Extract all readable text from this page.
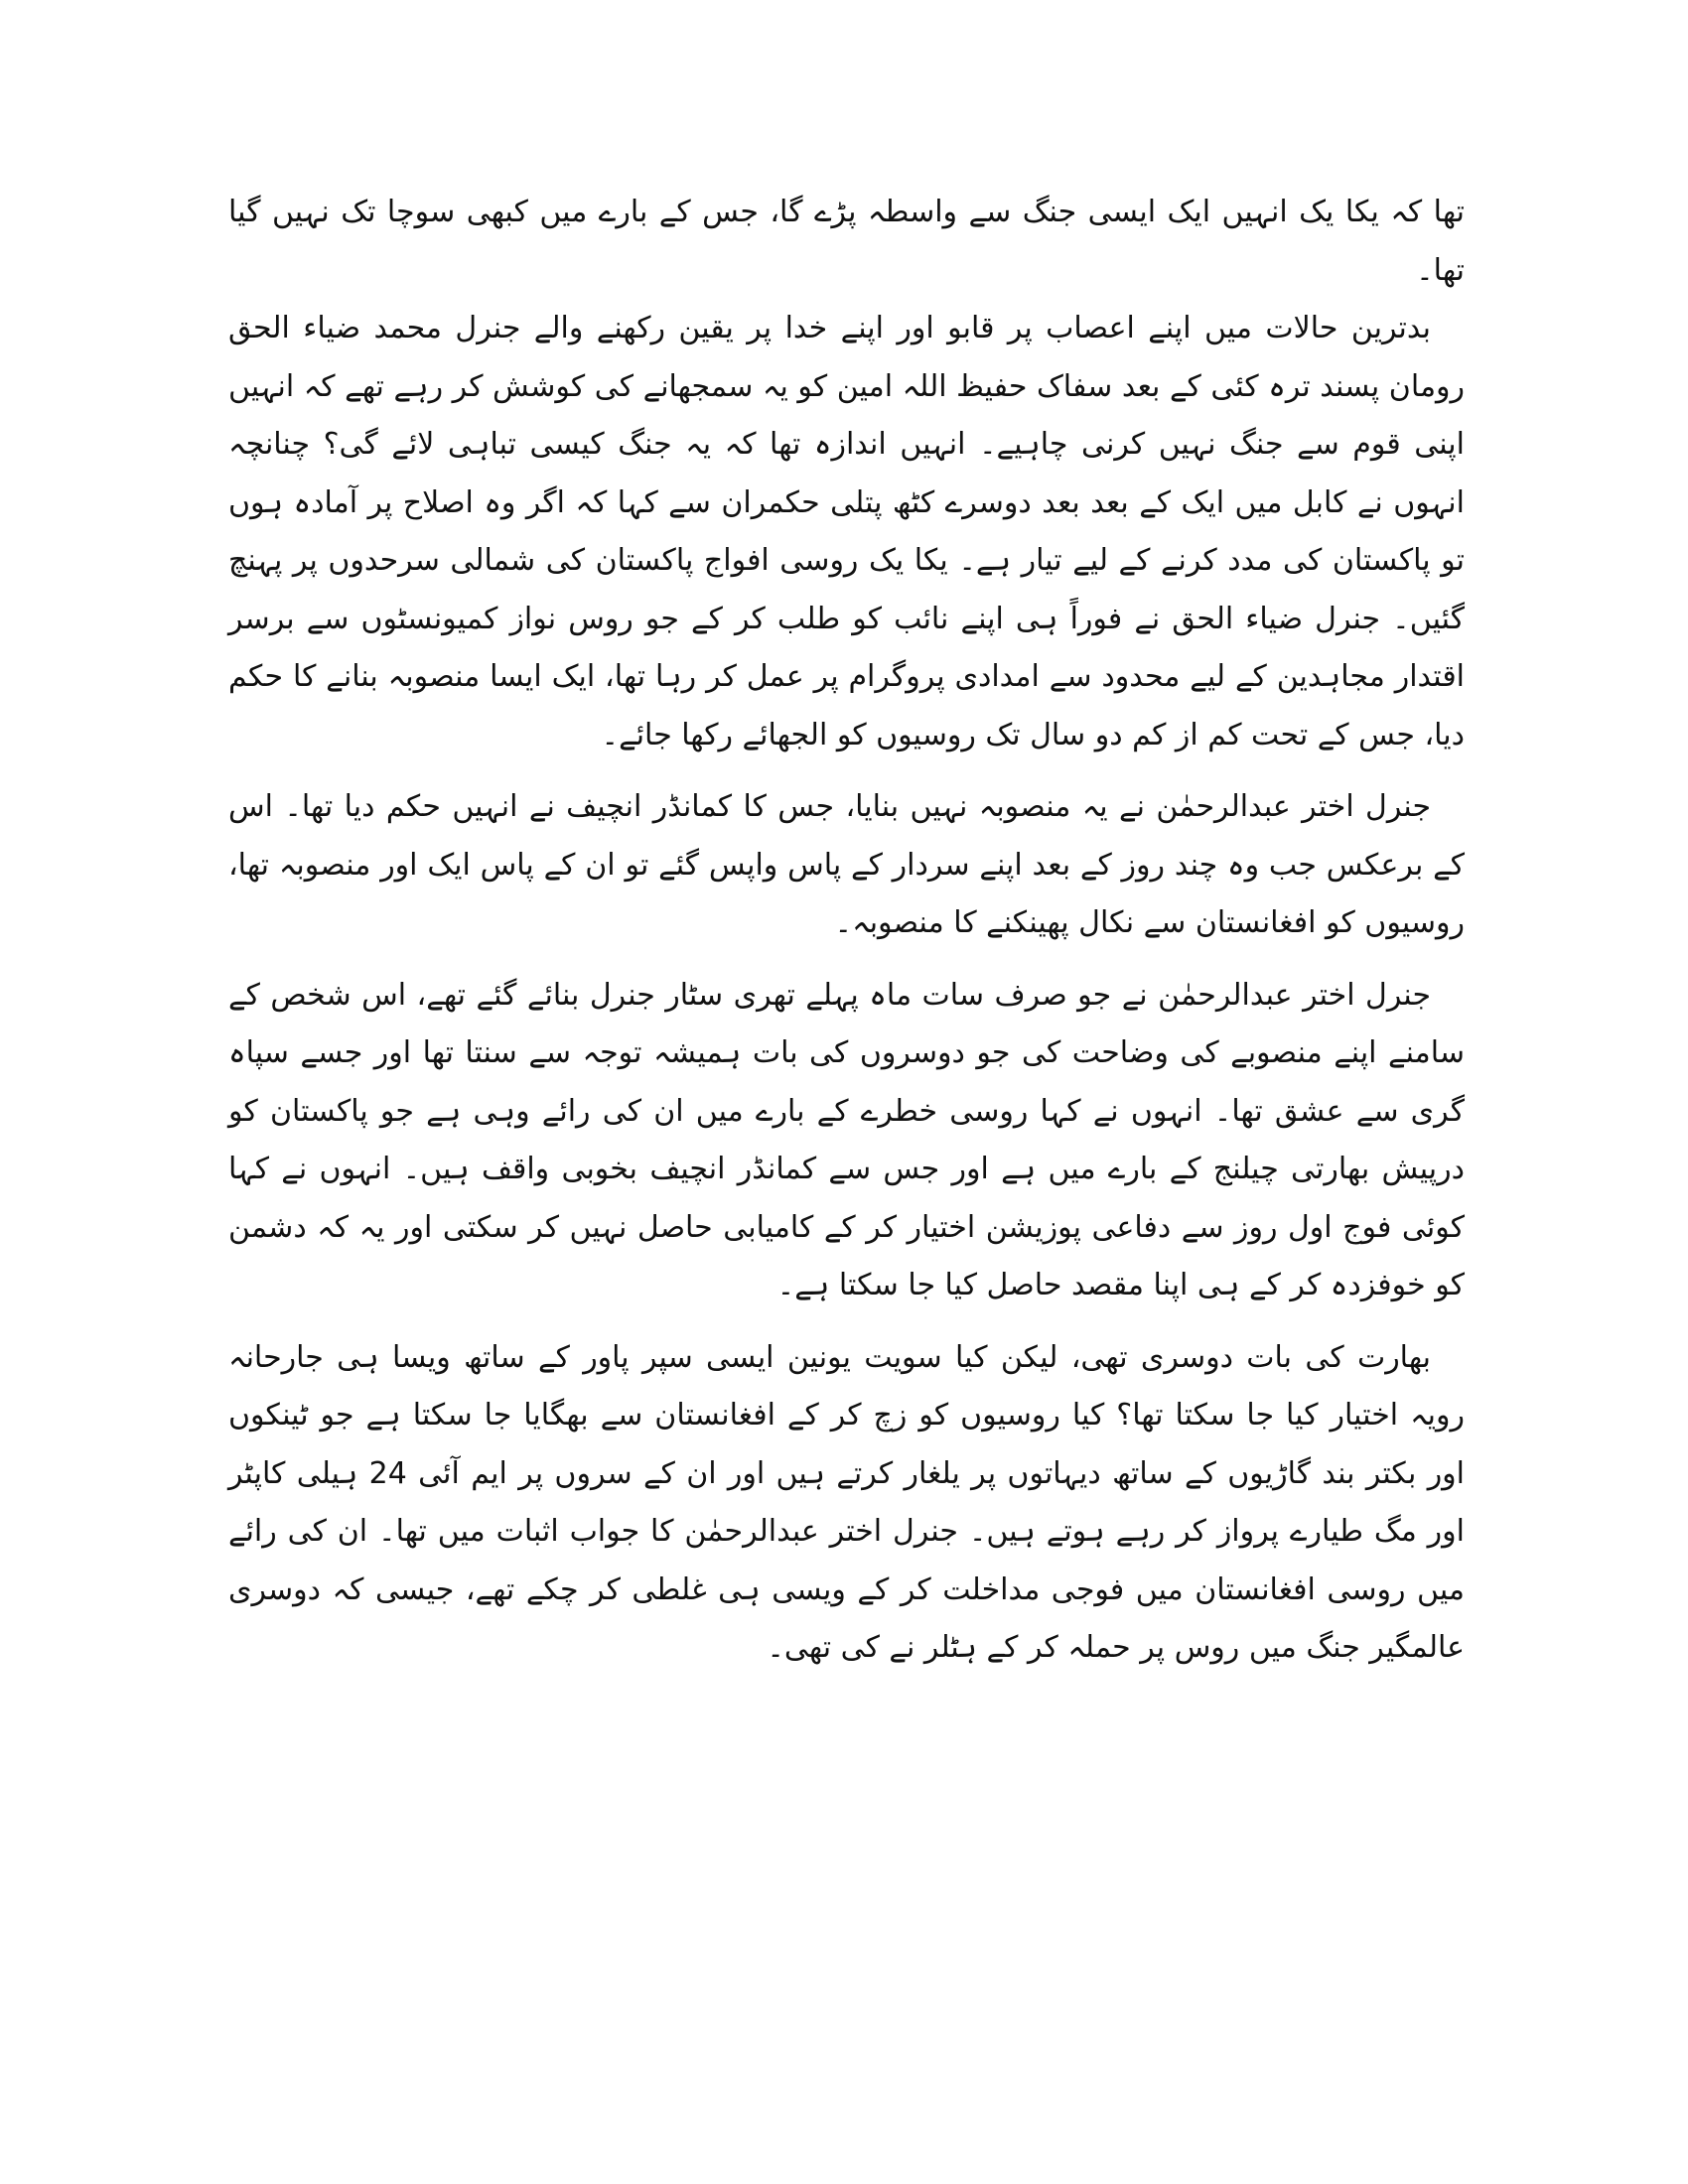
تھا کہ یکا یک انہیں ایک ایسی جنگ سے واسطہ پڑے گا، جس کے بارے میں کبھی سوچا تک نہیں گیا تھا۔

بدترین حالات میں اپنے اعصاب پر قابو اور اپنے خدا پر یقین رکھنے والے جنرل محمد ضیاء الحق رومان پسند ترہ کئی کے بعد سفاک حفیظ اللہ امین کو یہ سمجھانے کی کوشش کر رہے تھے کہ انہیں اپنی قوم سے جنگ نہیں کرنی چاہیے۔ انہیں اندازہ تھا کہ یہ جنگ کیسی تباہی لائے گی؟ چنانچہ انہوں نے کابل میں ایک کے بعد بعد دوسرے کٹھ پتلی حکمران سے کہا کہ اگر وہ اصلاح پر آمادہ ہوں تو پاکستان کی مدد کرنے کے لیے تیار ہے۔ یکا یک روسی افواج پاکستان کی شمالی سرحدوں پر پہنچ گئیں۔ جنرل ضیاء الحق نے فوراً ہی اپنے نائب کو طلب کر کے جو روس نواز کمیونسٹوں سے برسر اقتدار مجاہدین کے لیے محدود سے امدادی پروگرام پر عمل کر رہا تھا، ایک ایسا منصوبہ بنانے کا حکم دیا، جس کے تحت کم از کم دو سال تک روسیوں کو الجھائے رکھا جائے۔

جنرل اختر عبدالرحمٰن نے یہ منصوبہ نہیں بنایا، جس کا کمانڈر انچیف نے انہیں حکم دیا تھا۔ اس کے برعکس جب وہ چند روز کے بعد اپنے سردار کے پاس واپس گئے تو ان کے پاس ایک اور منصوبہ تھا، روسیوں کو افغانستان سے نکال پھینکنے کا منصوبہ۔

جنرل اختر عبدالرحمٰن نے جو صرف سات ماہ پہلے تھری سٹار جنرل بنائے گئے تھے، اس شخص کے سامنے اپنے منصوبے کی وضاحت کی جو دوسروں کی بات ہمیشہ توجہ سے سنتا تھا اور جسے سپاہ گری سے عشق تھا۔ انہوں نے کہا روسی خطرے کے بارے میں ان کی رائے وہی ہے جو پاکستان کو درپیش بھارتی چیلنج کے بارے میں ہے اور جس سے کمانڈر انچیف بخوبی واقف ہیں۔ انہوں نے کہا کوئی فوج اول روز سے دفاعی پوزیشن اختیار کر کے کامیابی حاصل نہیں کر سکتی اور یہ کہ دشمن کو خوفزدہ کر کے ہی اپنا مقصد حاصل کیا جا سکتا ہے۔

بھارت کی بات دوسری تھی، لیکن کیا سویت یونین ایسی سپر پاور کے ساتھ ویسا ہی جارحانہ رویہ اختیار کیا جا سکتا تھا؟ کیا روسیوں کو زچ کر کے افغانستان سے بھگایا جا سکتا ہے جو ٹینکوں اور بکتر بند گاڑیوں کے ساتھ دیہاتوں پر یلغار کرتے ہیں اور ان کے سروں پر ایم آئی 24 ہیلی کاپٹر اور مگ طیارے پرواز کر رہے ہوتے ہیں۔ جنرل اختر عبدالرحمٰن کا جواب اثبات میں تھا۔ ان کی رائے میں روسی افغانستان میں فوجی مداخلت کر کے ویسی ہی غلطی کر چکے تھے، جیسی کہ دوسری عالمگیر جنگ میں روس پر حملہ کر کے ہٹلر نے کی تھی۔
